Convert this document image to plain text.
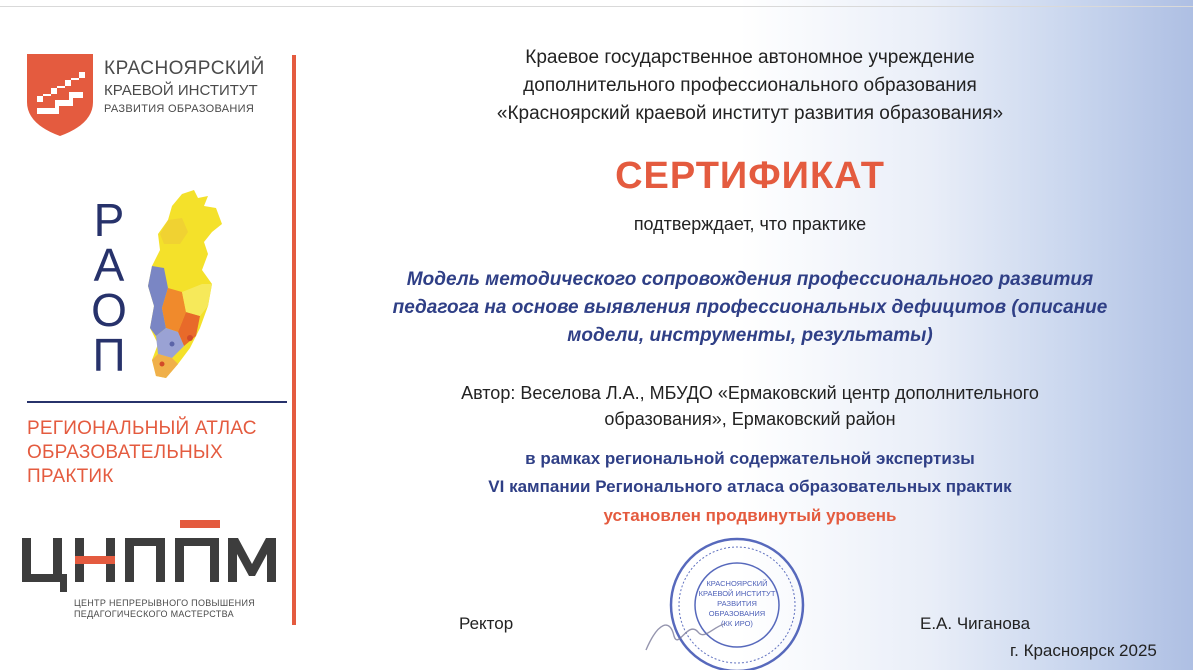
КРАСНОЯРСКИЙ
КРАЕВОЙ ИНСТИТУТ
РАЗВИТИЯ ОБРАЗОВАНИЯ
Р
А
О
П
РЕГИОНАЛЬНЫЙ АТЛАС
ОБРАЗОВАТЕЛЬНЫХ
ПРАКТИК
ЦНППМ
ЦЕНТР НЕПРЕРЫВНОГО ПОВЫШЕНИЯ
ПЕДАГОГИЧЕСКОГО МАСТЕРСТВА
Краевое государственное автономное учреждение
дополнительного профессионального образования
«Красноярский краевой институт развития образования»
СЕРТИФИКАТ
подтверждает, что практике
Модель методического сопровождения профессионального развития
педагога на основе выявления профессиональных дефицитов (описание
модели, инструменты, результаты)
Автор: Веселова Л.А., МБУДО «Ермаковский центр дополнительного
образования», Ермаковский район
в рамках региональной содержательной экспертизы
VI кампании Регионального атласа образовательных практик
установлен продвинутый уровень
КРАСНОЯРСКИЙ
КРАЕВОЙ ИНСТИТУТ
РАЗВИТИЯ
ОБРАЗОВАНИЯ
(КК ИРО)
Ректор	Е.А. Чиганова
г. Красноярск 2025
